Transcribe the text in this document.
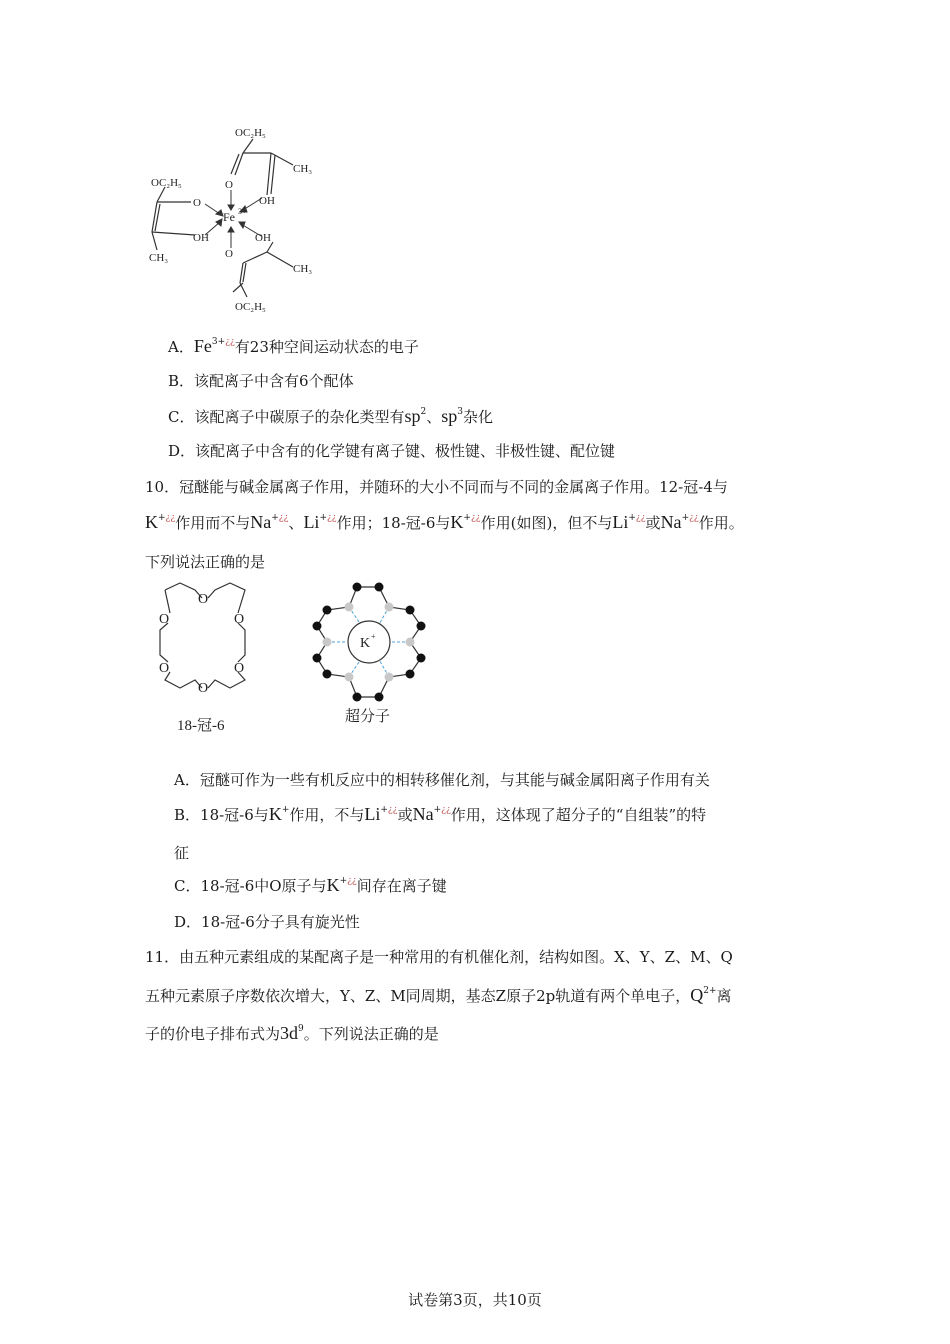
OC₂H₅
CH₃
O
OH
OC₂H₅
O
Fe 3+
OH	OH
CH₃	O
CH₃
OC₂H₅
A．$Fe^{3+¿¿}$有23种空间运动状态的电子
B．该配离子中含有6个配体
C．该配离子中碳原子的杂化类型有$sp^2$、$sp^3$杂化
D．该配离子中含有的化学键有离子键、极性键、非极性键、配位键
10．冠醚能与碱金属离子作用，并随环的大小不同而与不同的金属离子作用。12-冠-4与
K+¿¿作用而不与Na+¿¿、Li+¿¿作用；18-冠-6与K+¿¿作用(如图)，但不与Li+¿¿或Na+¿¿作用。
下列说法正确的是
O
O
O
O
O
O
18-冠-6
K +
超分子
A．冠醚可作为一些有机反应中的相转移催化剂，与其能与碱金属阳离子作用有关
B．18-冠-6与K+作用，不与Li+¿¿或Na+¿¿作用，这体现了超分子的“自组装”的特
征
C．18-冠-6中O原子与K+¿¿间存在离子键
D．18-冠-6分子具有旋光性
11．由五种元素组成的某配离子是一种常用的有机催化剂，结构如图。X、Y、Z、M、Q
五种元素原子序数依次增大，Y、Z、M同周期，基态Z原子2p轨道有两个单电子，$Q^{2+}$离
子的价电子排布式为$3d^9$。下列说法正确的是
试卷第3页，共10页
